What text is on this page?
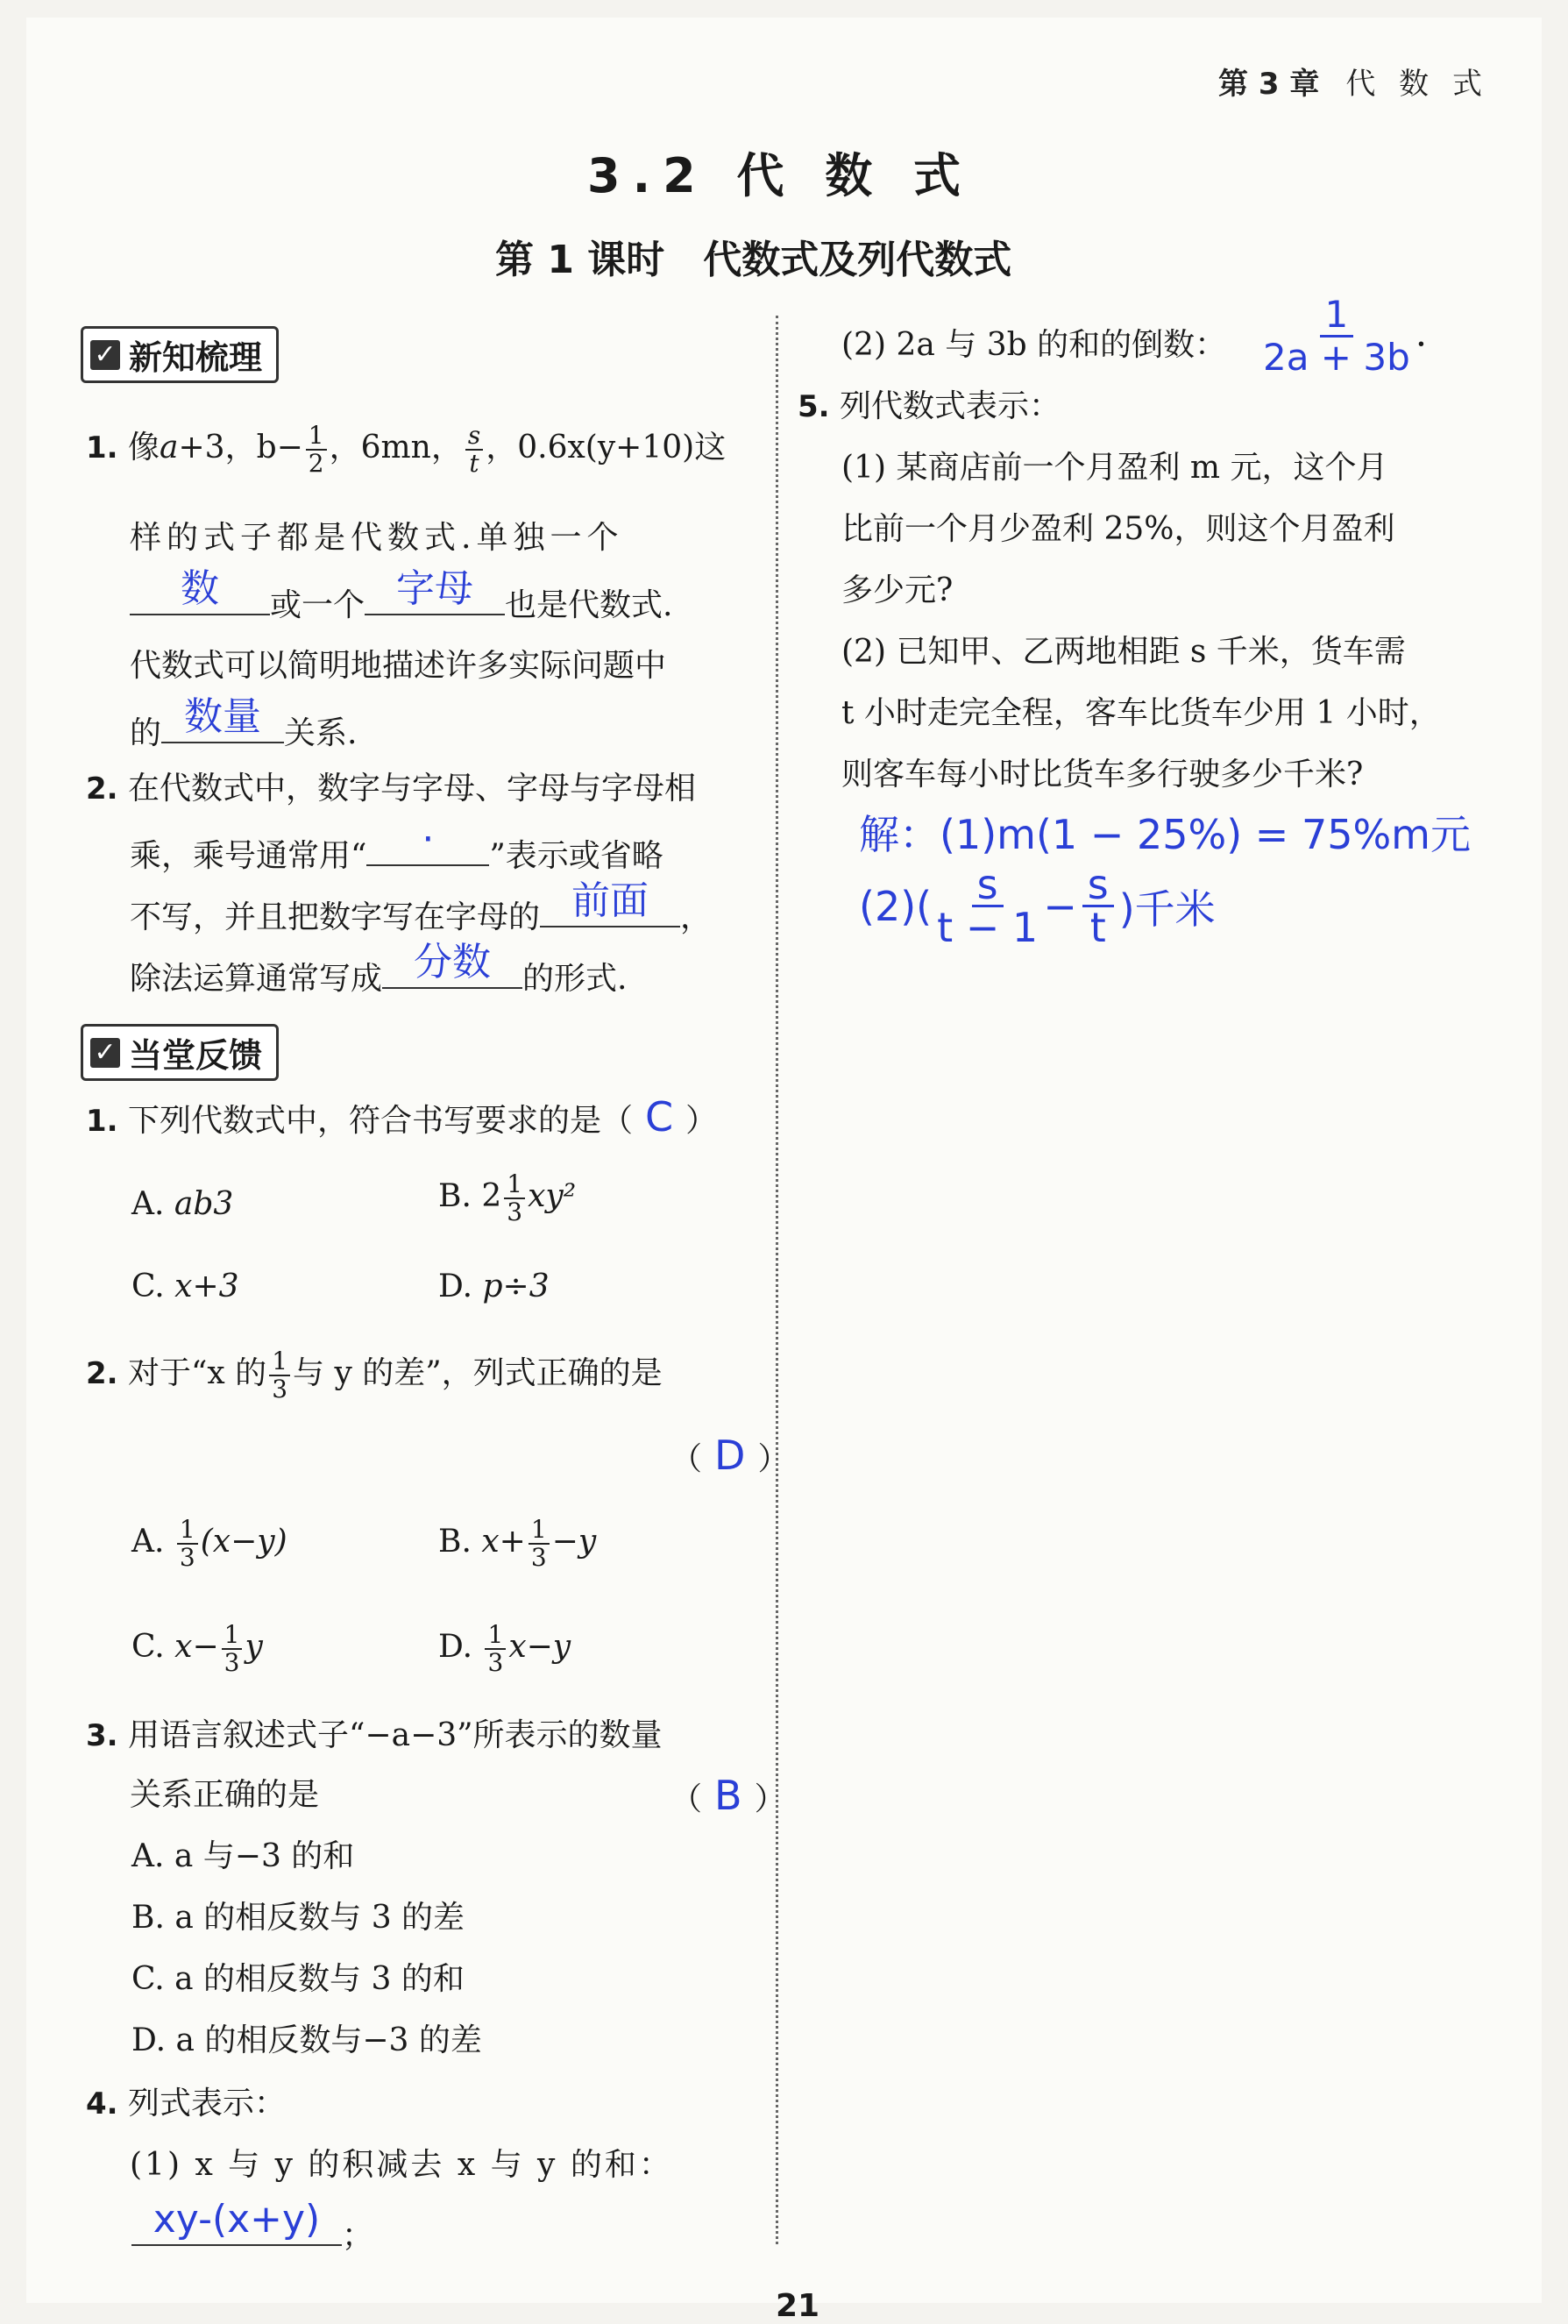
第 3 章 代 数 式
3.2 代 数 式
第 1 课时　代数式及列代数式
✓ 新知梳理
1. 像a+3，$b- \frac{1}{2}$ ，6mn， $\frac{s}{t}$ ，0.6x(y+10)这
样的式子都是代数式.单独一个
数	或一个 字母	也是代数式.
代数式可以简明地描述许多实际问题中
的 数量 关系.
2. 在代数式中，数字与字母、字母与字母相
乘，乘号通常用“	·	”表示或省略
不写，并且把数字写在字母的 前面	，
除法运算通常写成 分数	的形式.
✓ 当堂反馈
1. 下列代数式中，符合书写要求的是（ C ）
A. ab3	B. $2 \frac{1}{3} xy^2$
C. x+3	D. p÷3
2. 对于“x 的 $\frac{1}{3}$ 与 y 的差”，列式正确的是
（ D ）
A. $\frac{1}{3} (x-y)$	B. $x+ \frac{1}{3} -y$
C. $x- \frac{1}{3}$ y	D. $\frac{1}{3} x-y$
3. 用语言叙述式子“−a−3”所表示的数量
关系正确的是	（ B ）
A. a 与−3 的和
B. a 的相反数与 3 的差
C. a 的相反数与 3 的和
D. a 的相反数与−3 的差
4. 列式表示：
(1) x 与 y 的积减去 x 与 y 的和：
xy-(x+y) ；
(2) 2a 与 3b 的和的倒数： $\frac{1}{2a + 3b}$ .
5. 列代数式表示：
(1) 某商店前一个月盈利 m 元，这个月
比前一个月少盈利 25%，则这个月盈利
多少元?
(2) 已知甲、乙两地相距 s 千米，货车需
t 小时走完全程，客车比货车少用 1 小时，
则客车每小时比货车多行驶多少千米?
解：(1)m(1 − 25%) = 75%m元
(2)( s
$t - 1 - \frac{s}{t}$ )千米
21
